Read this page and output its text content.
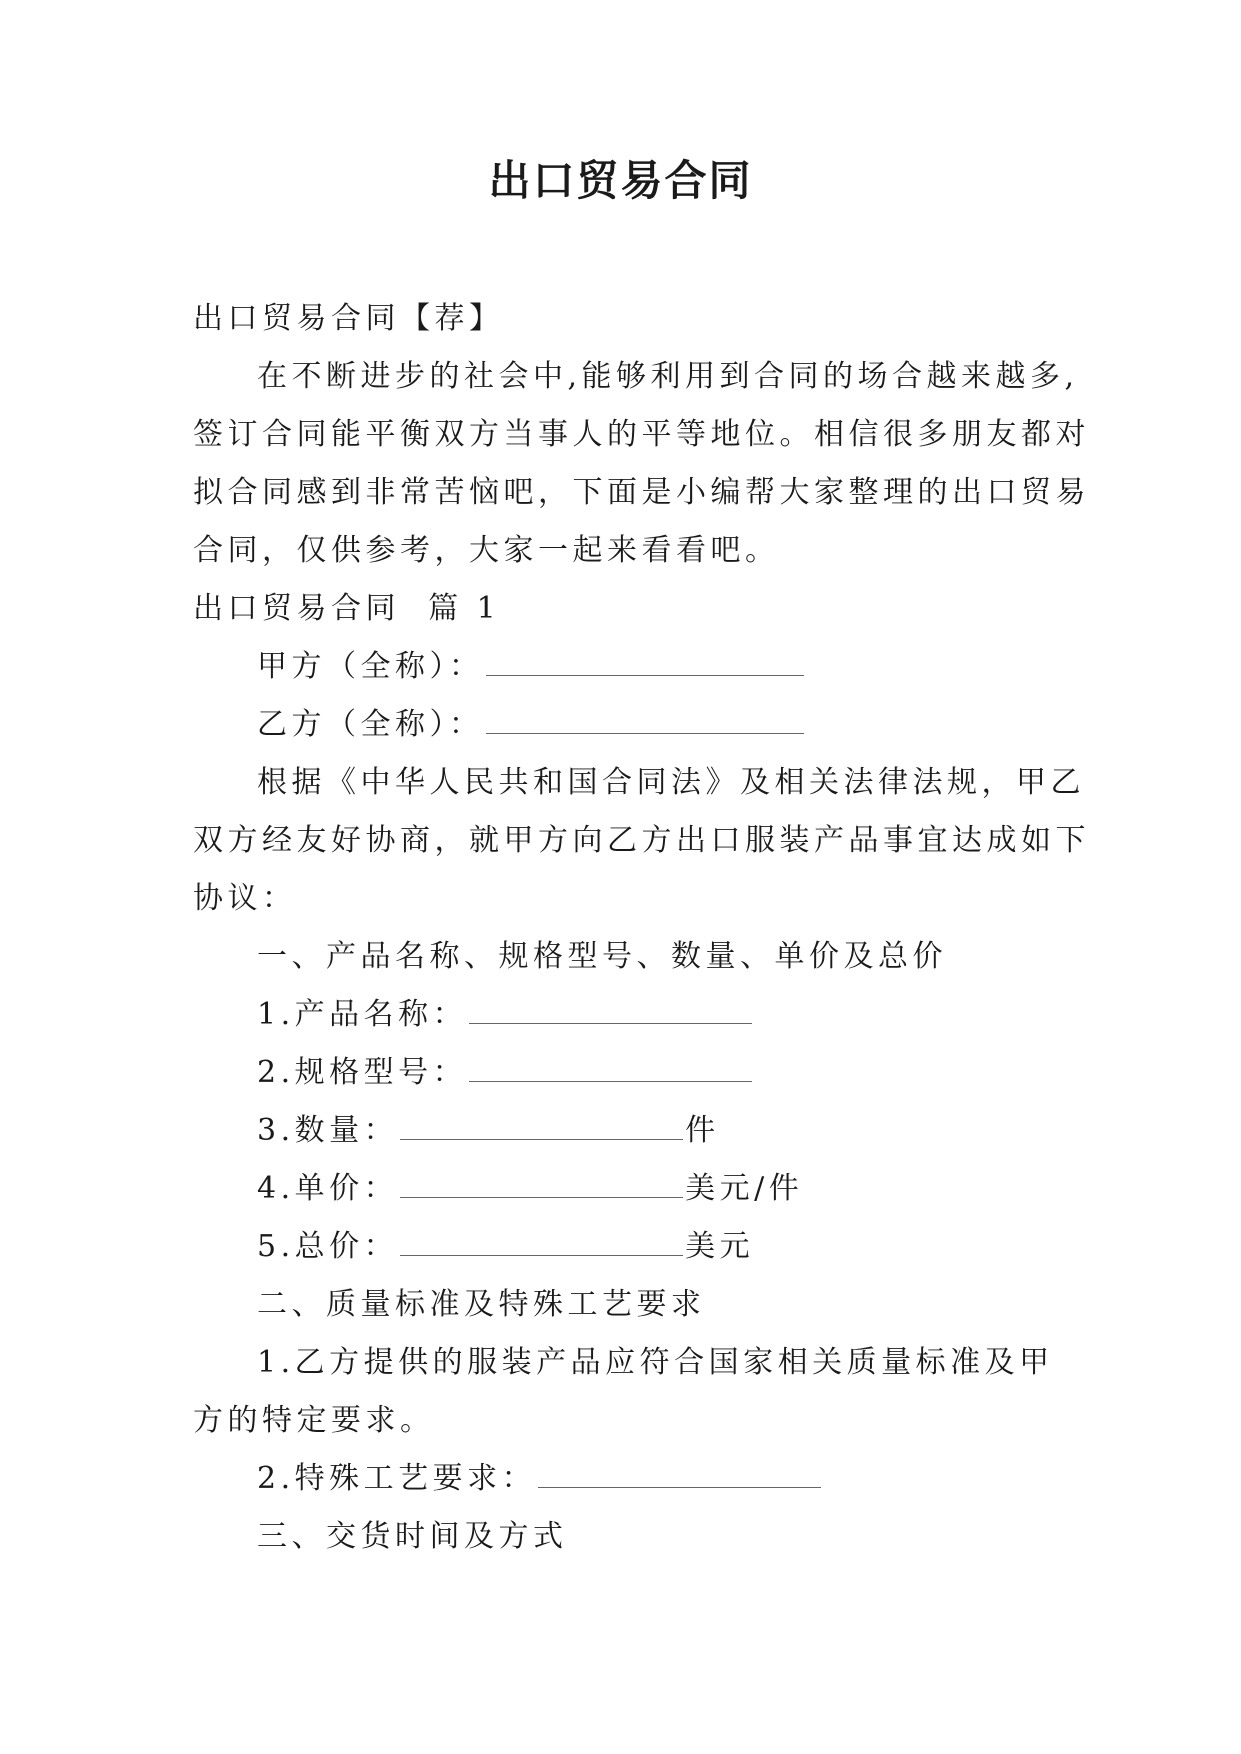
出口贸易合同
出口贸易合同【荐】
在不断进步的社会中,能够利用到合同的场合越来越多,
签订合同能平衡双方当事人的平等地位。相信很多朋友都对
拟合同感到非常苦恼吧，下面是小编帮大家整理的出口贸易
合同，仅供参考，大家一起来看看吧。
出口贸易合同  篇 1
甲方（全称）：
乙方（全称）：
根据《中华人民共和国合同法》及相关法律法规，甲乙
双方经友好协商，就甲方向乙方出口服装产品事宜达成如下
协议：
一、产品名称、规格型号、数量、单价及总价
1.产品名称：
2.规格型号：
3.数量：	件
4.单价：	美元/件
5.总价：	美元
二、质量标准及特殊工艺要求
1.乙方提供的服装产品应符合国家相关质量标准及甲
方的特定要求。
2.特殊工艺要求：
三、交货时间及方式
